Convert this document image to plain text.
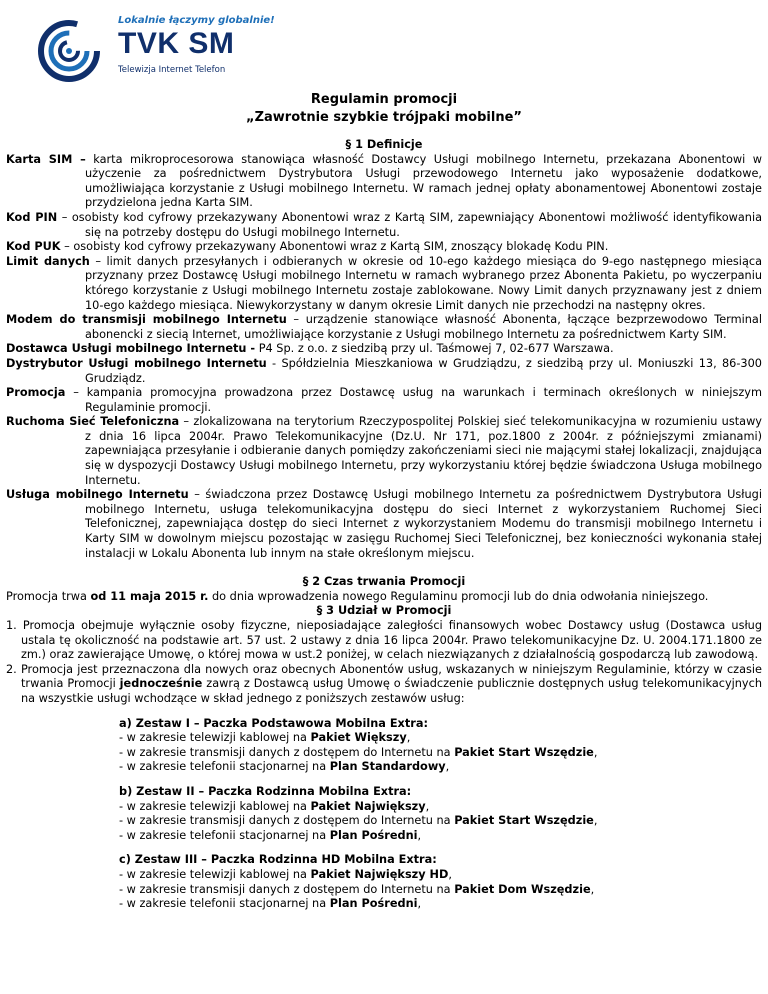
Lokalnie łączymy globalnie!
TVK SM
Telewizja Internet Telefon
Regulamin promocji
„Zawrotnie szybkie trójpaki mobilne”
§ 1 Definicje
Karta SIM – karta mikroprocesorowa stanowiąca własność Dostawcy Usługi mobilnego Internetu, przekazana Abonentowi w użyczenie za pośrednictwem Dystrybutora Usługi przewodowego Internetu jako wyposażenie dodatkowe, umożliwiająca korzystanie z Usługi mobilnego Internetu. W ramach jednej opłaty abonamentowej Abonentowi zostaje przydzielona jedna Karta SIM.
Kod PIN – osobisty kod cyfrowy przekazywany Abonentowi wraz z Kartą SIM, zapewniający Abonentowi możliwość identyfikowania się na potrzeby dostępu do Usługi mobilnego Internetu.
Kod PUK – osobisty kod cyfrowy przekazywany Abonentowi wraz z Kartą SIM, znoszący blokadę Kodu PIN.
Limit danych – limit danych przesyłanych i odbieranych w okresie od 10-ego każdego miesiąca do 9-ego następnego miesiąca przyznany przez Dostawcę Usługi mobilnego Internetu w ramach wybranego przez Abonenta Pakietu, po wyczerpaniu którego korzystanie z Usługi mobilnego Internetu zostaje zablokowane. Nowy Limit danych przyznawany jest z dniem 10-ego każdego miesiąca. Niewykorzystany w danym okresie Limit danych nie przechodzi na następny okres.
Modem do transmisji mobilnego Internetu – urządzenie stanowiące własność Abonenta, łączące bezprzewodowo Terminal abonencki z siecią Internet, umożliwiające korzystanie z Usługi mobilnego Internetu za pośrednictwem Karty SIM.
Dostawca Usługi mobilnego Internetu - P4 Sp. z o.o. z siedzibą przy ul. Taśmowej 7, 02-677 Warszawa.
Dystrybutor Usługi mobilnego Internetu - Spółdzielnia Mieszkaniowa w Grudziądzu, z siedzibą przy ul. Moniuszki 13, 86-300 Grudziądz.
Promocja – kampania promocyjna prowadzona przez Dostawcę usług na warunkach i terminach określonych w niniejszym Regulaminie promocji.
Ruchoma Sieć Telefoniczna – zlokalizowana na terytorium Rzeczypospolitej Polskiej sieć telekomunikacyjna w rozumieniu ustawy z dnia 16 lipca 2004r. Prawo Telekomunikacyjne (Dz.U. Nr 171, poz.1800 z 2004r. z późniejszymi zmianami) zapewniająca przesyłanie i odbieranie danych pomiędzy zakończeniami sieci nie mającymi stałej lokalizacji, znajdująca się w dyspozycji Dostawcy Usługi mobilnego Internetu, przy wykorzystaniu której będzie świadczona Usługa mobilnego Internetu.
Usługa mobilnego Internetu – świadczona przez Dostawcę Usługi mobilnego Internetu za pośrednictwem Dystrybutora Usługi mobilnego Internetu, usługa telekomunikacyjna dostępu do sieci Internet z wykorzystaniem Ruchomej Sieci Telefonicznej, zapewniająca dostęp do sieci Internet z wykorzystaniem Modemu do transmisji mobilnego Internetu i Karty SIM w dowolnym miejscu pozostając w zasięgu Ruchomej Sieci Telefonicznej, bez konieczności wykonania stałej instalacji w Lokalu Abonenta lub innym na stałe określonym miejscu.
§ 2 Czas trwania Promocji
Promocja trwa od 11 maja 2015 r. do dnia wprowadzenia nowego Regulaminu promocji lub do dnia odwołania niniejszego.
§ 3 Udział w Promocji
1. Promocja obejmuje wyłącznie osoby fizyczne, nieposiadające zaległości finansowych wobec Dostawcy usług (Dostawca usług ustala tę okoliczność na podstawie art. 57 ust. 2 ustawy z dnia 16 lipca 2004r. Prawo telekomunikacyjne Dz. U. 2004.171.1800 ze zm.) oraz zawierające Umowę, o której mowa w ust.2 poniżej, w celach niezwiązanych z działalnością gospodarczą lub zawodową.
2. Promocja jest przeznaczona dla nowych oraz obecnych Abonentów usług, wskazanych w niniejszym Regulaminie, którzy w czasie trwania Promocji jednocześnie zawrą z Dostawcą usług Umowę o świadczenie publicznie dostępnych usług telekomunikacyjnych na wszystkie usługi wchodzące w skład jednego z poniższych zestawów usług:
a) Zestaw I – Paczka Podstawowa Mobilna Extra:
- w zakresie telewizji kablowej na Pakiet Większy,
- w zakresie transmisji danych z dostępem do Internetu na Pakiet Start Wszędzie,
- w zakresie telefonii stacjonarnej na Plan Standardowy,
b) Zestaw II – Paczka Rodzinna Mobilna Extra:
- w zakresie telewizji kablowej na Pakiet Największy,
- w zakresie transmisji danych z dostępem do Internetu na Pakiet Start Wszędzie,
- w zakresie telefonii stacjonarnej na Plan Pośredni,
c) Zestaw III – Paczka Rodzinna HD Mobilna Extra:
- w zakresie telewizji kablowej na Pakiet Największy HD,
- w zakresie transmisji danych z dostępem do Internetu na Pakiet Dom Wszędzie,
- w zakresie telefonii stacjonarnej na Plan Pośredni,
